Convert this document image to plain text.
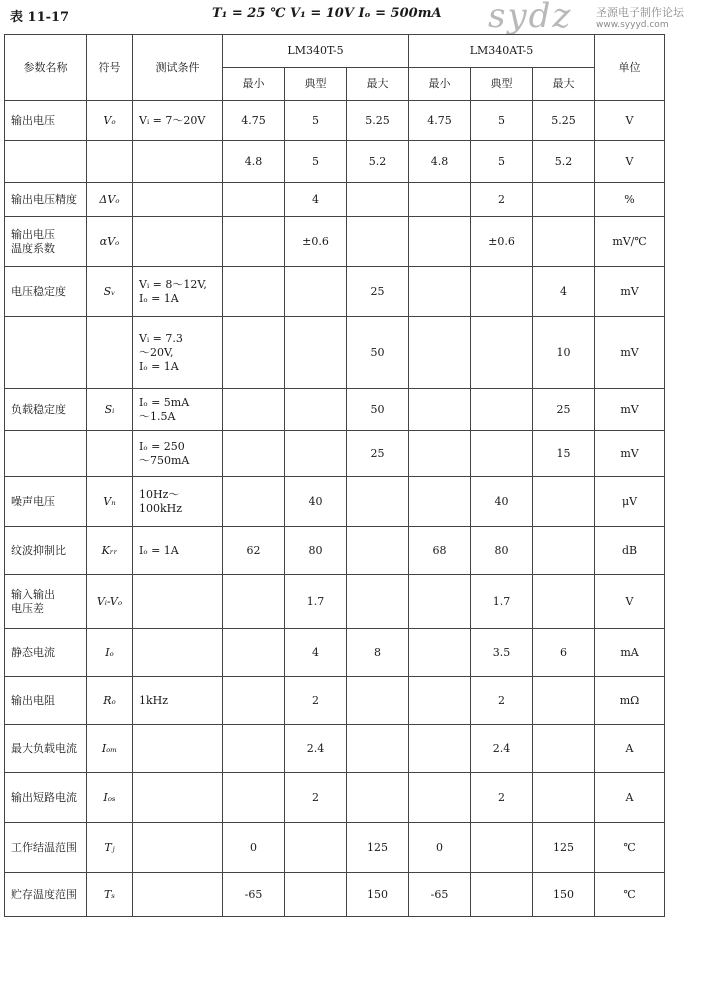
表 11-17	T₁ = 25 ℃ V₁ = 10V Iₒ = 500mA sydz 圣源电子制作论坛
www.syyyd.com
参数名称	符号	测试条件	LM340T-5			LM340AT-5			单位
			最小	典型	最大	最小	典型	最大	
输出电压	Vₒ	Vᵢ = 7～20V	4.75	5	5.25	4.75	5	5.25	V
			4.8	5	5.2	4.8	5	5.2	V
输出电压精度	ΔVₒ			4			2		%
输出电压
温度系数	αVₒ			±0.6			±0.6		mV/℃
电压稳定度	Sᵥ	Vᵢ = 8～12V,
Iₒ = 1A			25			4	mV
		Vᵢ = 7.3
～20V,
Iₒ = 1A			50			10	mV
负载稳定度	Sᵢ	Iₒ = 5mA
～1.5A			50			25	mV
		Iₒ = 250
～750mA			25			15	mV
噪声电压	Vₙ	10Hz～100kHz		40			40		μV
纹波抑制比	Kᵣᵣ	Iₒ = 1A	62	80		68	80		dB
输入输出
电压差	Vᵢ-Vₒ			1.7			1.7		V
静态电流	Iₒ			4	8		3.5	6	mA
输出电阻	Rₒ	1kHz		2			2		mΩ
最大负载电流	Iₒₘ			2.4			2.4		A
输出短路电流	Iₒₛ			2			2		A
工作结温范围	Tⱼ		0		125	0		125	℃
贮存温度范围	Tₛ		-65		150	-65		150	℃
